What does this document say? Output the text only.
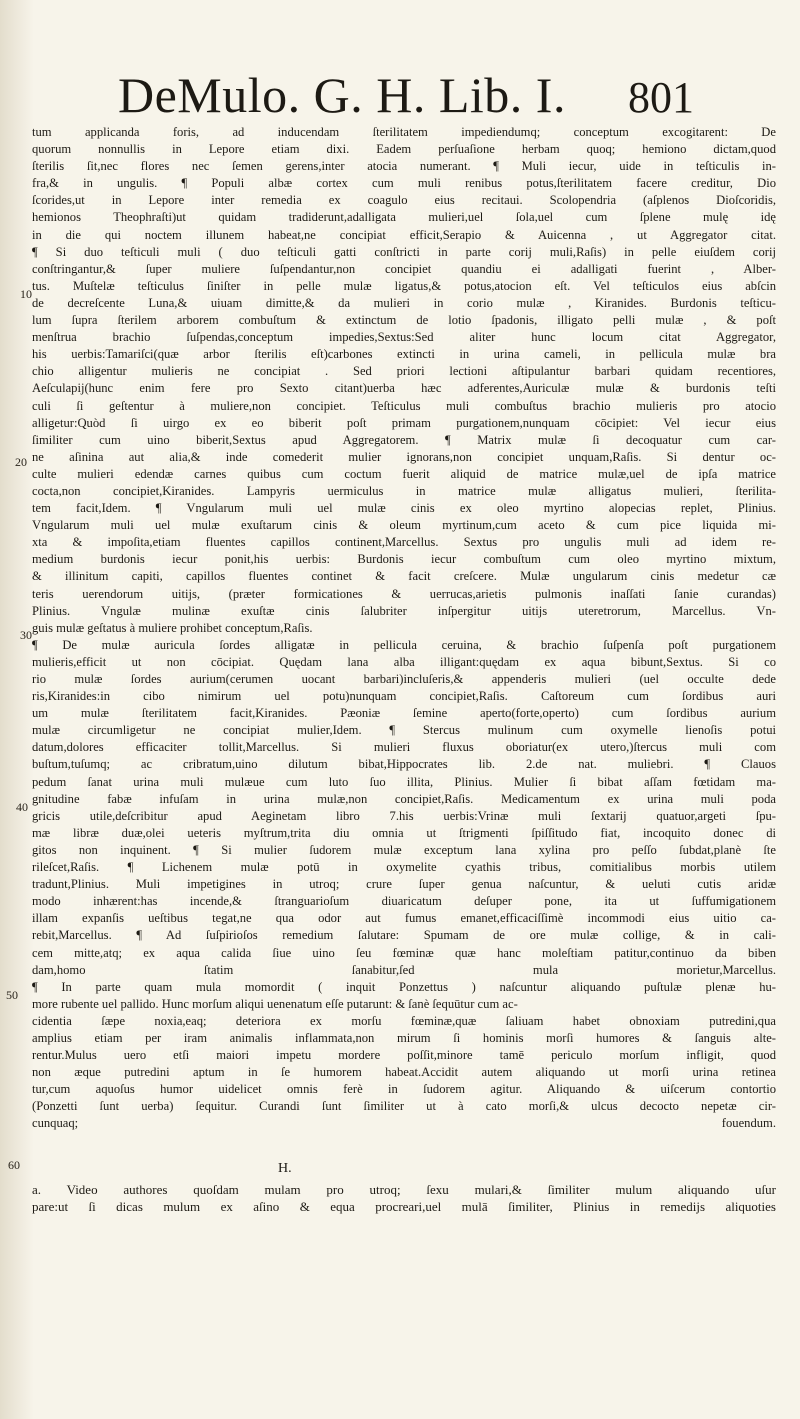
DeMulo. G. H. Lib. I. 801
10
20
30
40
50
60
tum applicanda foris, ad inducendam ſterilitatem impediendumq; conceptum excogitarent: De
quorum nonnullis in Lepore etiam dixi. Eadem perſuaſione herbam quoq; hemiono dictam,quod
ſterilis ſit,nec flores nec ſemen gerens,inter atocia numerant. ¶ Muli iecur, uide in teſticulis in-
fra,& in ungulis. ¶ Populi albæ cortex cum muli renibus potus,ſterilitatem facere creditur, Dio
ſcorides,ut in Lepore inter remedia ex coagulo eius recitaui. Scolopendria (aſplenos Dioſcoridis,
hemionos Theophraſti)ut quidam tradiderunt,adalligata mulieri,uel ſola,uel cum ſplene mulę idę
in die qui noctem illunem habeat,ne concipiat efficit,Serapio & Auicenna , ut Aggregator citat.
¶ Si duo teſticuli muli ( duo teſticuli gatti conſtricti in parte corij muli,Raſis) in pelle eiuſdem corij
conſtringantur,& ſuper muliere ſuſpendantur,non concipiet quandiu ei adalligati fuerint , Alber-
tus. Muſtelæ teſticulus ſiniſter in pelle mulæ ligatus,& potus,atocion eſt. Vel teſticulos eius abſcin
de decreſcente Luna,& uiuam dimitte,& da mulieri in corio mulæ , Kiranides. Burdonis teſticu-
lum ſupra ſterilem arborem combuſtum & extinctum de lotio ſpadonis, illigato pelli mulæ , & poſt
menſtrua brachio ſuſpendas,conceptum impedies,Sextus:Sed aliter hunc locum citat Aggregator,
his uerbis:Tamariſci(quæ arbor ſterilis eſt)carbones extincti in urina cameli, in pellicula mulæ bra
chio alligentur mulieris ne concipiat . Sed priori lectioni aſtipulantur barbari quidam recentiores,
Aeſculapij(hunc enim fere pro Sexto citant)uerba hæc adferentes,Auriculæ mulæ & burdonis teſti
culi ſi geſtentur à muliere,non concipiet. Teſticulus muli combuſtus brachio mulieris pro atocio
alligetur:Quòd ſi uirgo ex eo biberit poſt primam purgationem,nunquam cōcipiet: Vel iecur eius
ſimiliter cum uino biberit,Sextus apud Aggregatorem. ¶ Matrix mulæ ſi decoquatur cum car-
ne aſinina aut alia,& inde comederit mulier ignorans,non concipiet unquam,Raſis. Si dentur oc-
culte mulieri edendæ carnes quibus cum coctum fuerit aliquid de matrice mulæ,uel de ipſa matrice
cocta,non concipiet,Kiranides. Lampyris uermiculus in matrice mulæ alligatus mulieri, ſterilita-
tem facit,Idem. ¶ Vngularum muli uel mulæ cinis ex oleo myrtino alopecias replet, Plinius.
Vngularum muli uel mulæ exuſtarum cinis & oleum myrtinum,cum aceto & cum pice liquida mi-
xta & impoſita,etiam fluentes capillos continent,Marcellus. Sextus pro ungulis muli ad idem re-
medium burdonis iecur ponit,his uerbis: Burdonis iecur combuſtum cum oleo myrtino mixtum,
& illinitum capiti, capillos fluentes continet & facit creſcere. Mulæ ungularum cinis medetur cæ
teris uerendorum uitijs, (præter formicationes & uerrucas,arietis pulmonis inaſſati ſanie curandas)
Plinius. Vngulæ mulinæ exuſtæ cinis ſalubriter inſpergitur uitijs uteretrorum, Marcellus. Vn-
guis mulæ geſtatus à muliere prohibet conceptum,Raſis.
¶ De mulæ auricula ſordes alligatæ in pellicula ceruina, & brachio ſuſpenſa poſt purgationem
mulieris,efficit ut non cōcipiat. Quędam lana alba illigant:quędam ex aqua bibunt,Sextus. Si co
rio mulæ ſordes aurium(cerumen uocant barbari)incluſeris,& appenderis mulieri (uel occulte dede
ris,Kiranides:in cibo nimirum uel potu)nunquam concipiet,Raſis. Caſtoreum cum ſordibus auri
um mulæ ſterilitatem facit,Kiranides. Pæoniæ ſemine aperto(forte,operto) cum ſordibus aurium
mulæ circumligetur ne concipiat mulier,Idem. ¶ Stercus mulinum cum oxymelle lienoſis potui
datum,dolores efficaciter tollit,Marcellus. Si mulieri fluxus oboriatur(ex utero,)ſtercus muli com
buſtum,tuſumq; ac cribratum,uino dilutum bibat,Hippocrates lib. 2.de nat. muliebri. ¶ Clauos
pedum ſanat urina muli mulæue cum luto ſuo illita, Plinius. Mulier ſi bibat aſſam fœtidam ma-
gnitudine fabæ infuſam in urina mulæ,non concipiet,Raſis. Medicamentum ex urina muli poda
gricis utile,deſcribitur apud Aeginetam libro 7.his uerbis:Vrinæ muli ſextarij quatuor,argeti ſpu-
mæ libræ duæ,olei ueteris myſtrum,trita diu omnia ut ſtrigmenti ſpiſſitudo fiat, incoquito donec di
gitos non inquinent. ¶ Si mulier ſudorem mulæ exceptum lana xylina pro peſſo ſubdat,planè ſte
rileſcet,Raſis. ¶ Lichenem mulæ potū in oxymelite cyathis tribus, comitialibus morbis utilem
tradunt,Plinius. Muli impetigines in utroq; crure ſuper genua naſcuntur, & ueluti cutis aridæ
modo inhærent:has incende,& ſtranguarioſum diuaricatum deſuper pone, ita ut ſuffumigationem
illam expanſis ueſtibus tegat,ne qua odor aut fumus emanet,efficaciſſimè incommodi eius uitio ca-
rebit,Marcellus. ¶ Ad ſuſpirioſos remedium ſalutare: Spumam de ore mulæ collige, & in cali-
cem mitte,atq; ex aqua calida ſiue uino ſeu fœminæ quæ hanc moleſtiam patitur,continuo da biben
dam,homo ſtatim ſanabitur,ſed mula morietur,Marcellus.
¶ In parte quam mula momordit ( inquit Ponzettus ) naſcuntur aliquando puſtulæ plenæ hu-
more rubente uel pallido. Hunc morſum aliqui uenenatum eſſe putarunt: & ſanè ſequūtur cum ac-
cidentia ſæpe noxia,eaq; deteriora ex morſu fœminæ,quæ ſaliuam habet obnoxiam putredini,qua
amplius etiam per iram animalis inflammata,non mirum ſi hominis morſi humores & ſanguis alte-
rentur.Mulus uero etſi maiori impetu mordere poſſit,minore tamē periculo morſum infligit, quod
non æque putredini aptum in ſe humorem habeat.Accidit autem aliquando ut morſi urina retinea
tur,cum aquoſus humor uidelicet omnis ferè in ſudorem agitur. Aliquando & uiſcerum contortio
(Ponzetti ſunt uerba) ſequitur. Curandi ſunt ſimiliter ut à cato morſi,& ulcus decocto nepetæ cir-
cunquaq; fouendum.
H.
a. Video authores quoſdam mulam pro utroq; ſexu mulari,& ſimiliter mulum aliquando uſur
pare:ut ſi dicas mulum ex aſino & equa procreari,uel mulā ſimiliter, Plinius in remedijs aliquoties
